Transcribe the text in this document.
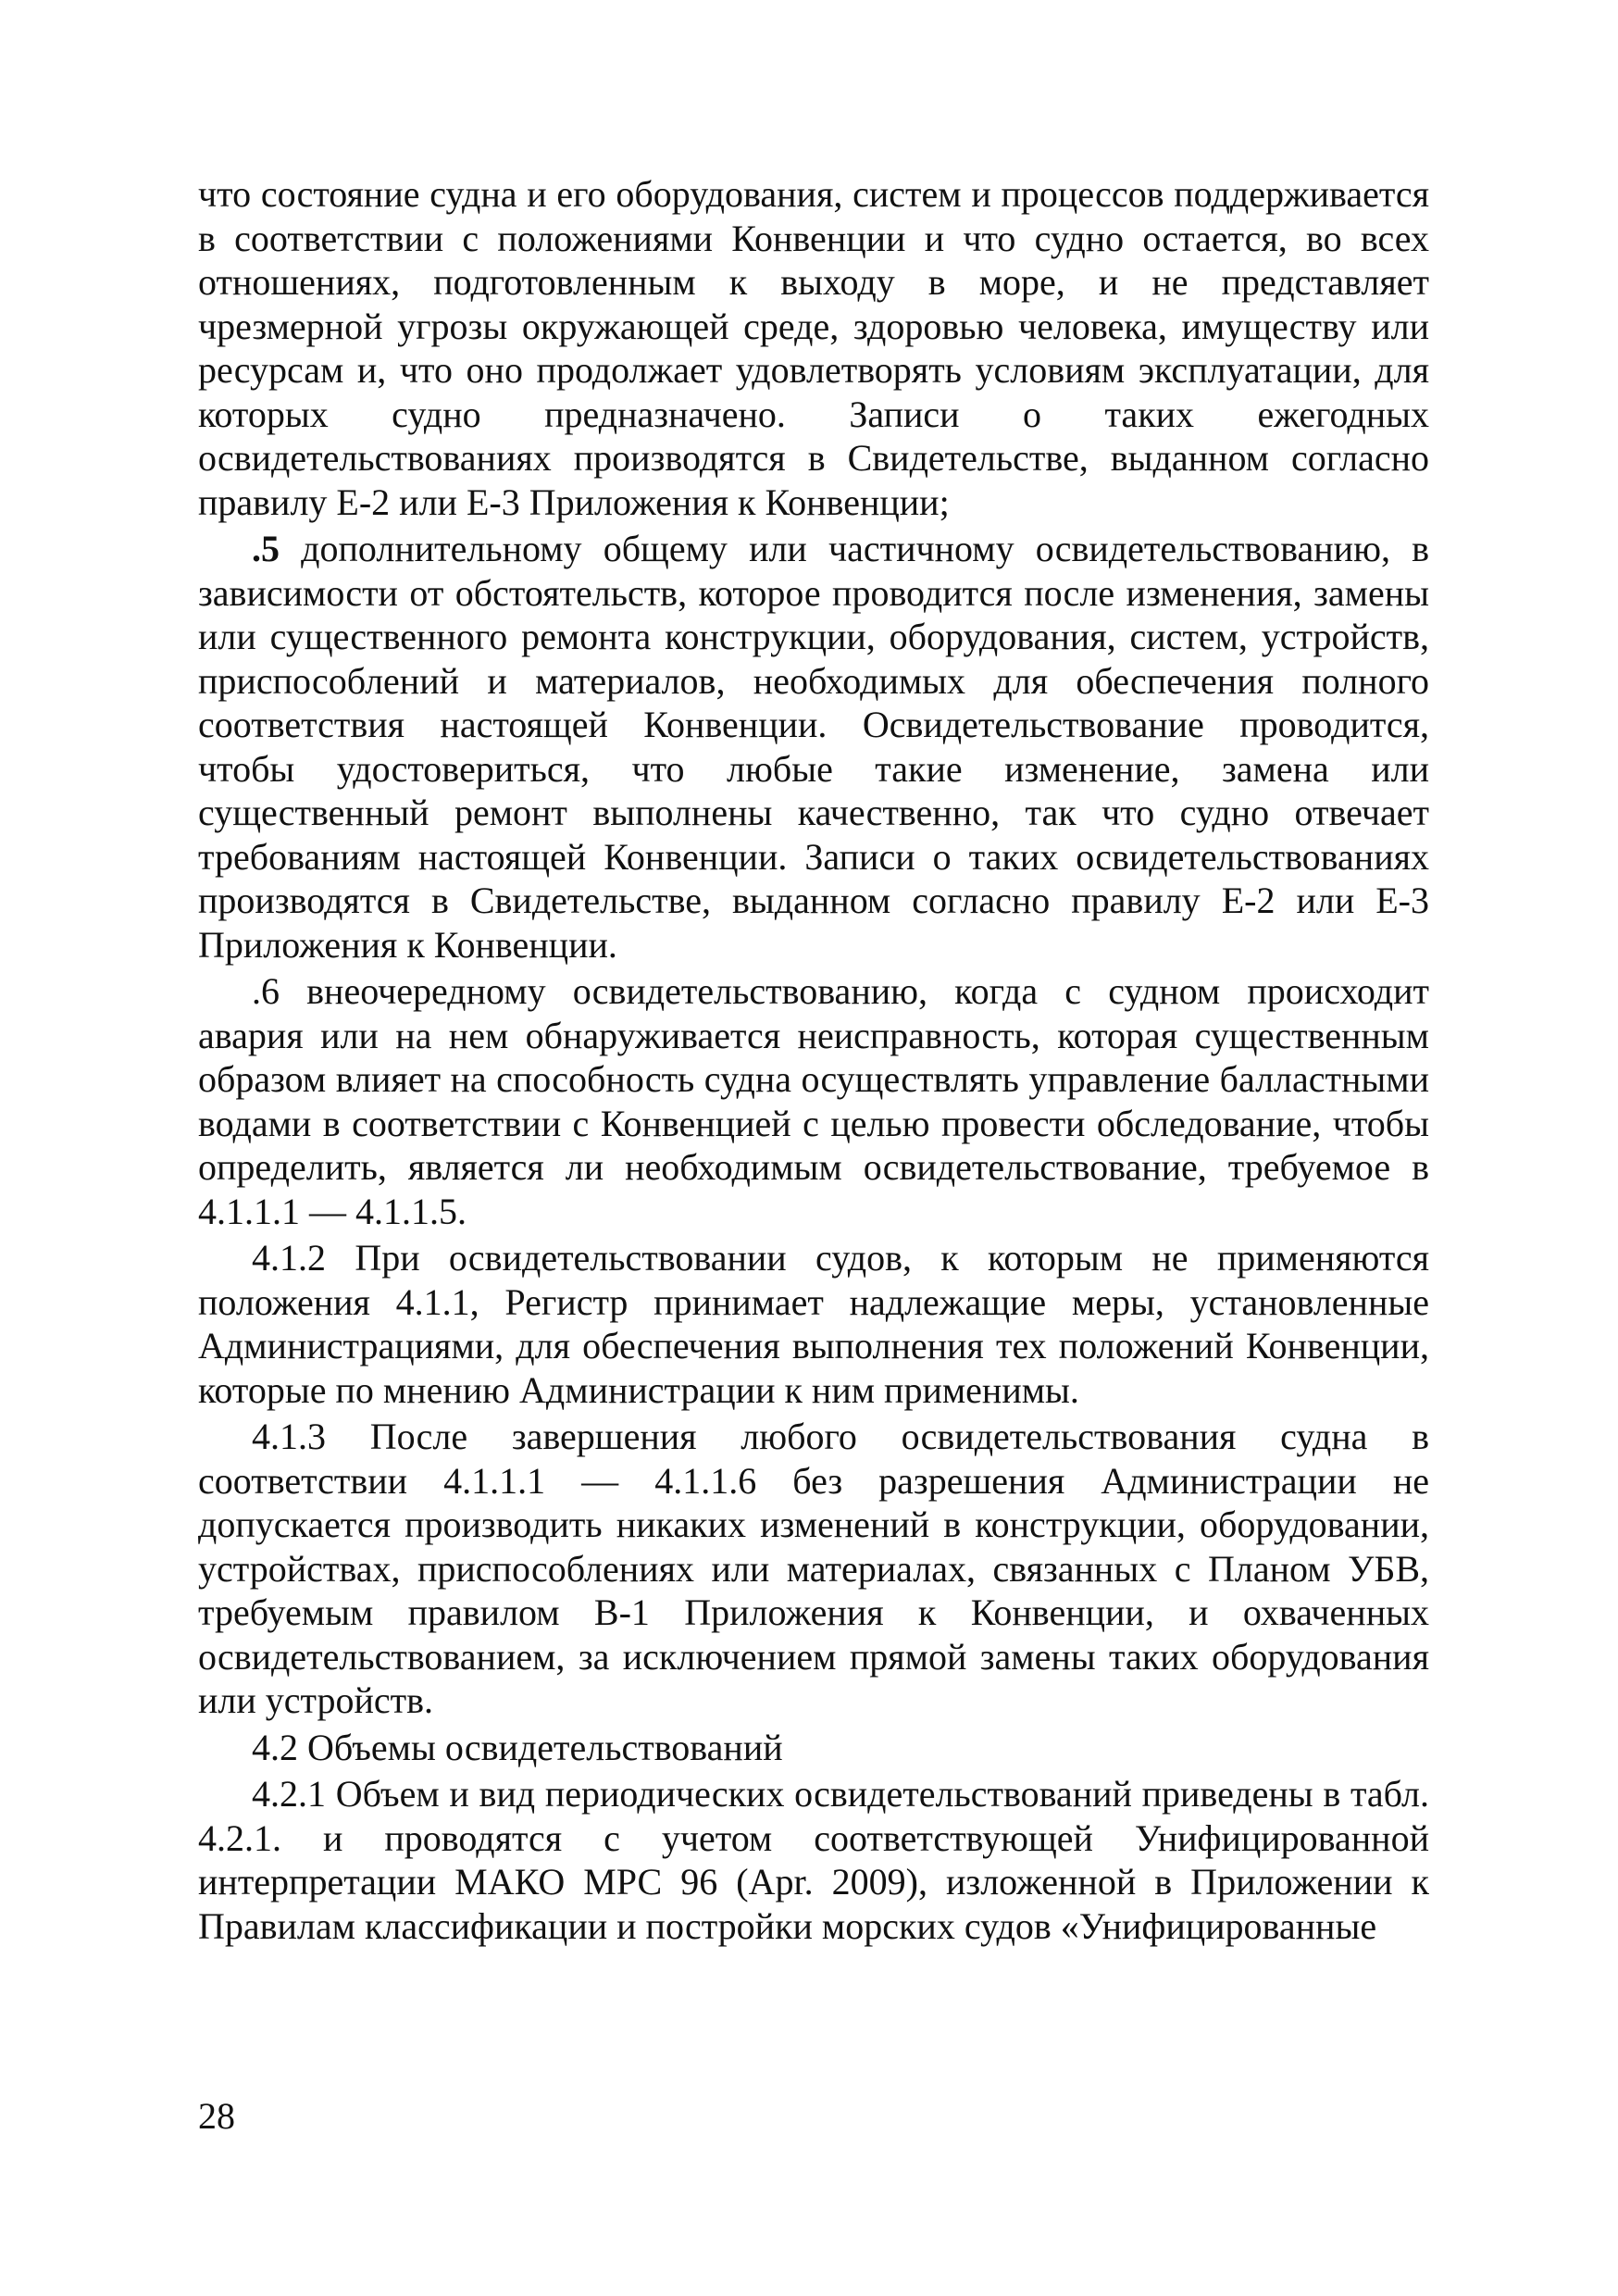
что состояние судна и его оборудования, систем и процессов поддерживается в соответствии с положениями Конвенции и что судно остается, во всех отношениях, подготовленным к выходу в море, и не представляет чрезмерной угрозы окружающей среде, здоровью человека, имуществу или ресурсам и, что оно продолжает удовлетворять условиям эксплуатации, для которых судно предназначено. Записи о таких ежегодных освидетельствованиях производятся в Свидетельстве, выданном согласно правилу Е-2 или Е-3 Приложения к Конвенции;

.5 дополнительному общему или частичному освидетельствованию, в зависимости от обстоятельств, которое проводится после изменения, замены или существенного ремонта конструкции, оборудования, систем, устройств, приспособлений и материалов, необходимых для обеспечения полного соответствия настоящей Конвенции. Освидетельствование проводится, чтобы удостовериться, что любые такие изменение, замена или существенный ремонт выполнены качественно, так что судно отвечает требованиям настоящей Конвенции. Записи о таких освидетельствованиях производятся в Свидетельстве, выданном согласно правилу Е-2 или Е-3 Приложения к Конвенции.

.6 внеочередному освидетельствованию, когда с судном происходит авария или на нем обнаруживается неисправность, которая существенным образом влияет на способность судна осуществлять управление балластными водами в соответствии с Конвенцией с целью провести обследование, чтобы определить, является ли необходимым освидетельствование, требуемое в 4.1.1.1 — 4.1.1.5.

4.1.2 При освидетельствовании судов, к которым не применяются положения 4.1.1, Регистр принимает надлежащие меры, установленные Администрациями, для обеспечения выполнения тех положений Конвенции, которые по мнению Администрации к ним применимы.

4.1.3 После завершения любого освидетельствования судна в соответствии 4.1.1.1 — 4.1.1.6 без разрешения Администрации не допускается производить никаких изменений в конструкции, оборудовании, устройствах, приспособлениях или материалах, связанных с Планом УБВ, требуемым правилом В-1 Приложения к Конвенции, и охваченных освидетельствованием, за исключением прямой замены таких оборудования или устройств.

4.2 Объемы освидетельствований

4.2.1 Объем и вид периодических освидетельствований приведены в табл. 4.2.1. и проводятся с учетом соответствующей Унифицированной интерпретации МАКО МРС 96 (Apr. 2009), изложенной в Приложении к Правилам классификации и постройки морских судов «Унифицированные

28
